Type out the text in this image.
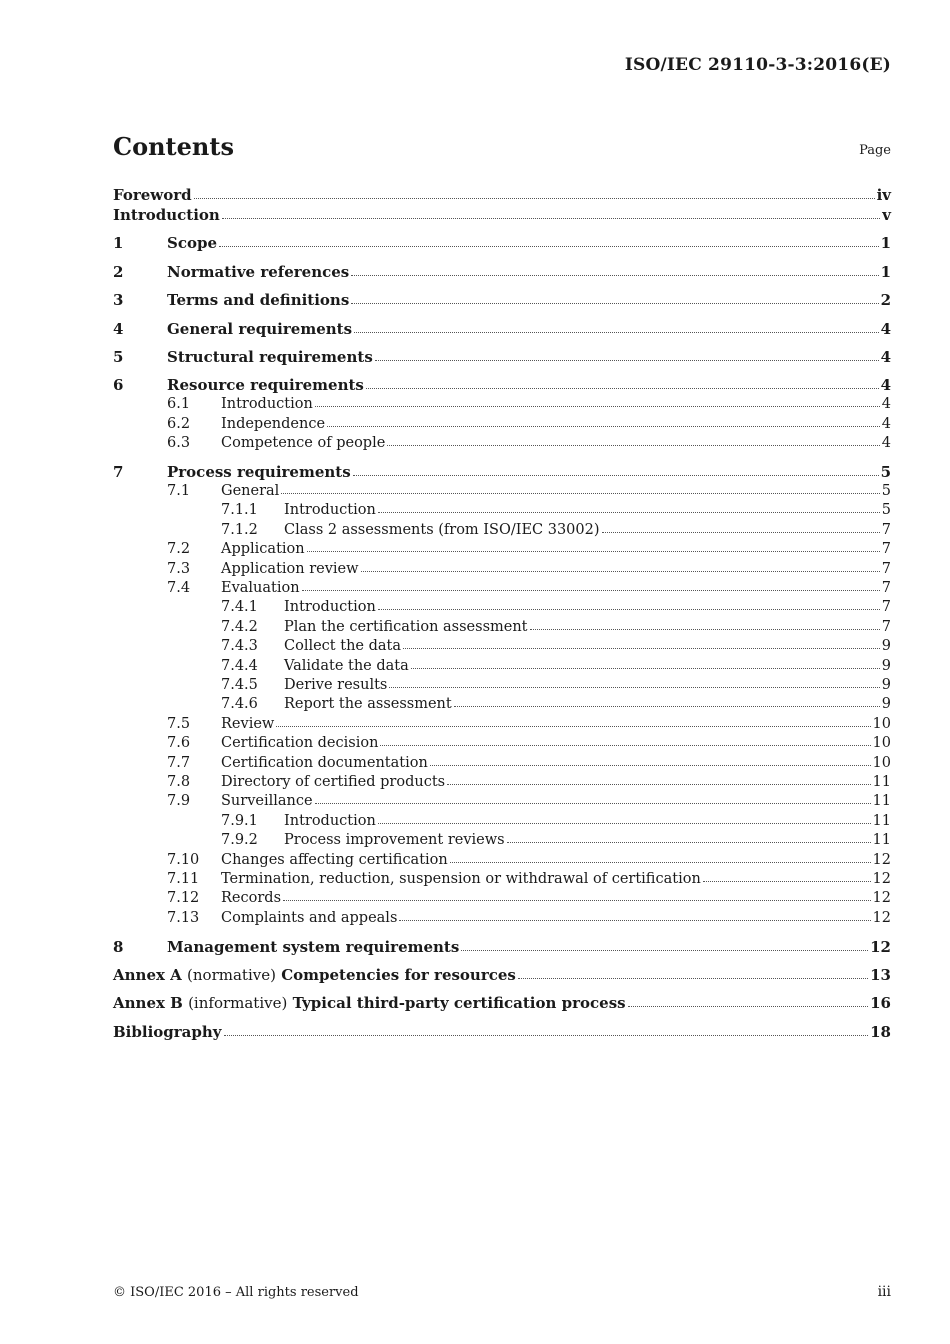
ISO/IEC 29110-3-3:2016(E)
Contents	Page
Foreword	iv
Introduction	v
1	Scope	1
2	Normative references	1
3	Terms and definitions	2
4	General requirements	4
5	Structural requirements	4
6	Resource requirements	4
6.1	Introduction	4
6.2	Independence	4
6.3	Competence of people	4
7	Process requirements	5
7.1	General	5
7.1.1	Introduction	5
7.1.2	Class 2 assessments (from ISO/IEC 33002)	7
7.2	Application	7
7.3	Application review	7
7.4	Evaluation	7
7.4.1	Introduction	7
7.4.2	Plan the certification assessment	7
7.4.3	Collect the data	9
7.4.4	Validate the data	9
7.4.5	Derive results	9
7.4.6	Report the assessment	9
7.5	Review	10
7.6	Certification decision	10
7.7	Certification documentation	10
7.8	Directory of certified products	11
7.9	Surveillance	11
7.9.1	Introduction	11
7.9.2	Process improvement reviews	11
7.10	Changes affecting certification	12
7.11	Termination, reduction, suspension or withdrawal of certification	12
7.12	Records	12
7.13	Complaints and appeals	12
8	Management system requirements	12
Annex A (normative) Competencies for resources	13
Annex B (informative) Typical third-party certification process	16
Bibliography	18
© ISO/IEC 2016 – All rights reserved	iii
